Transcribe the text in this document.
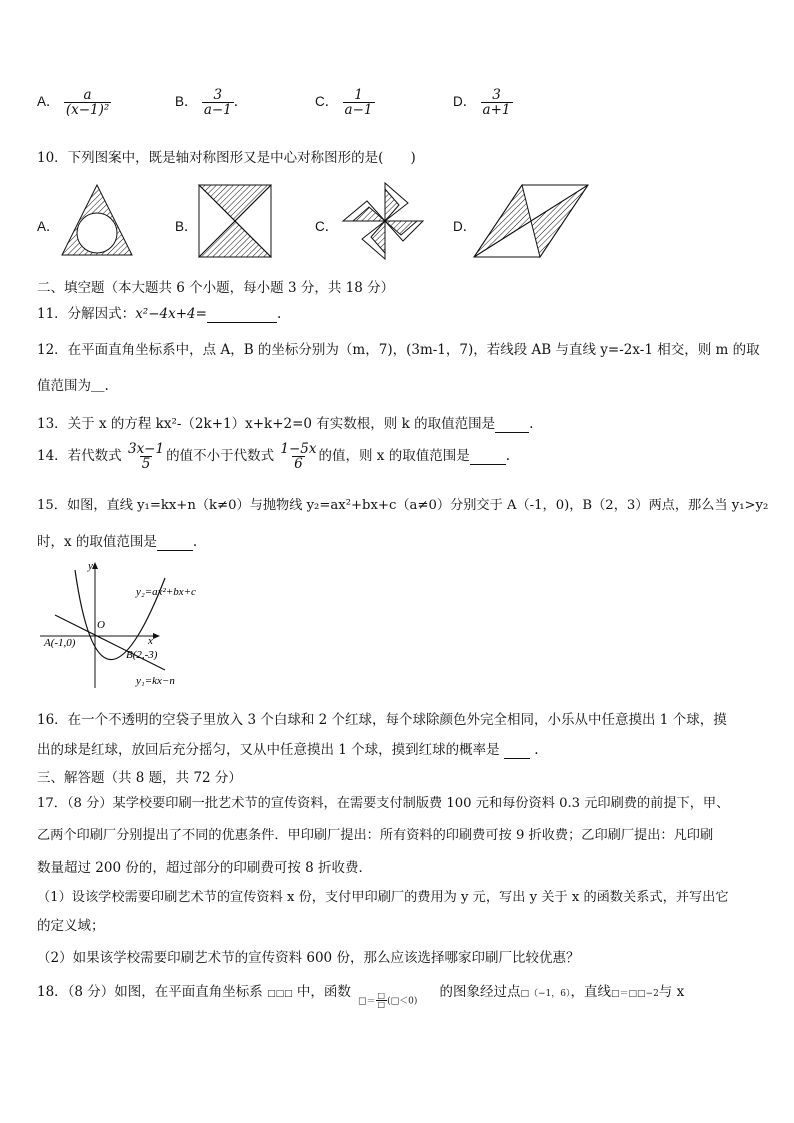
A． $\frac{a}{\text{(x−1)²}}$	B． $\frac{3}{a-1}$ .	C． $\frac{1}{a-1}$	D． $\frac{3}{a+1}$
10．下列图案中，既是轴对称图形又是中心对称图形的是(　　)
A．	B．	C．	D．
二、填空题（本大题共 6 个小题，每小题 3 分，共 18 分）
11．分解因式：x²−4x+4=	.
12．在平面直角坐标系中，点 A，B 的坐标分别为（m，7)，(3m-1，7)，若线段 AB 与直线 y=-2x-1 相交，则 m 的取
值范围为＿.
13．关于 x 的方程 kx²-（2k+1）x+k+2=0 有实数根，则 k 的取值范围是	.
14．若代数式 $\frac{3x-1}{5}$ 的值不小于代数式 $\frac{1-5x}{6}$ 的值，则 x 的取值范围是	.
15．如图，直线 y₁=kx+n（k≠0）与抛物线 y₂=ax²+bx+c（a≠0）分别交于 A（-1，0)，B（2，3）两点，那么当 y₁>y₂
时，x 的取值范围是	.
y
x
O
A(-1,0)
B(2,-3)
y₂=ax²+bx+c
y₁=kx−n
16．在一个不透明的空袋子里放入 3 个白球和 2 个红球，每个球除颜色外完全相同，小乐从中任意摸出 1 个球，摸
出的球是红球，放回后充分摇匀，又从中任意摸出 1 个球，摸到红球的概率是	.
三、解答题（共 8 题，共 72 分）
17．（8 分）某学校要印刷一批艺术节的宣传资料，在需要支付制版费 100 元和每份资料 0.3 元印刷费的前提下，甲、
乙两个印刷厂分别提出了不同的优惠条件．甲印刷厂提出：所有资料的印刷费可按 9 折收费；乙印刷厂提出：凡印刷
数量超过 200 份的，超过部分的印刷费可按 8 折收费．
（1）设该学校需要印刷艺术节的宣传资料 x 份，支付甲印刷厂的费用为 y 元，写出 y 关于 x 的函数关系式，并写出它
的定义域；
（2）如果该学校需要印刷艺术节的宣传资料 600 份，那么应该选择哪家印刷厂比较优惠？
18．（8 分）如图，在平面直角坐标系 □□□ 中，函数	的图象经过点□（−1，6），直线□＝□□−2与 x
□＝ $\frac{□}{□}$ (□＜0)
